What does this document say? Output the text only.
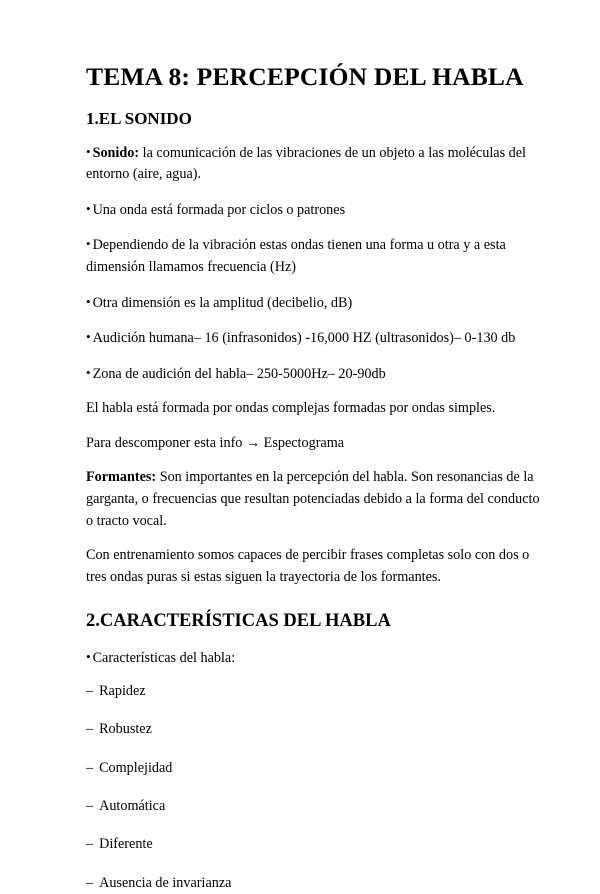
TEMA 8: PERCEPCIÓN DEL HABLA
1.EL SONIDO

• Sonido: la comunicación de las vibraciones de un objeto a las moléculas del entorno (aire, agua).

• Una onda está formada por ciclos o patrones

• Dependiendo de la vibración estas ondas tienen una forma u otra y a esta dimensión llamamos frecuencia (Hz)

• Otra dimensión es la amplitud (decibelio, dB)

• Audición humana– 16 (infrasonidos) -16,000 HZ (ultrasonidos)– 0-130 db

• Zona de audición del habla– 250-5000Hz– 20-90db

El habla está formada por ondas complejas formadas por ondas simples.

Para descomponer esta info → Espectograma

Formantes: Son importantes en la percepción del habla. Son resonancias de la garganta, o frecuencias que resultan potenciadas debido a la forma del conducto o tracto vocal.

Con entrenamiento somos capaces de percibir frases completas solo con dos o tres ondas puras si estas siguen la trayectoria de los formantes.

2.CARACTERÍSTICAS DEL HABLA

• Características del habla:

– Rapidez

– Robustez

– Complejidad

– Automática

– Diferente

– Ausencia de invarianza
